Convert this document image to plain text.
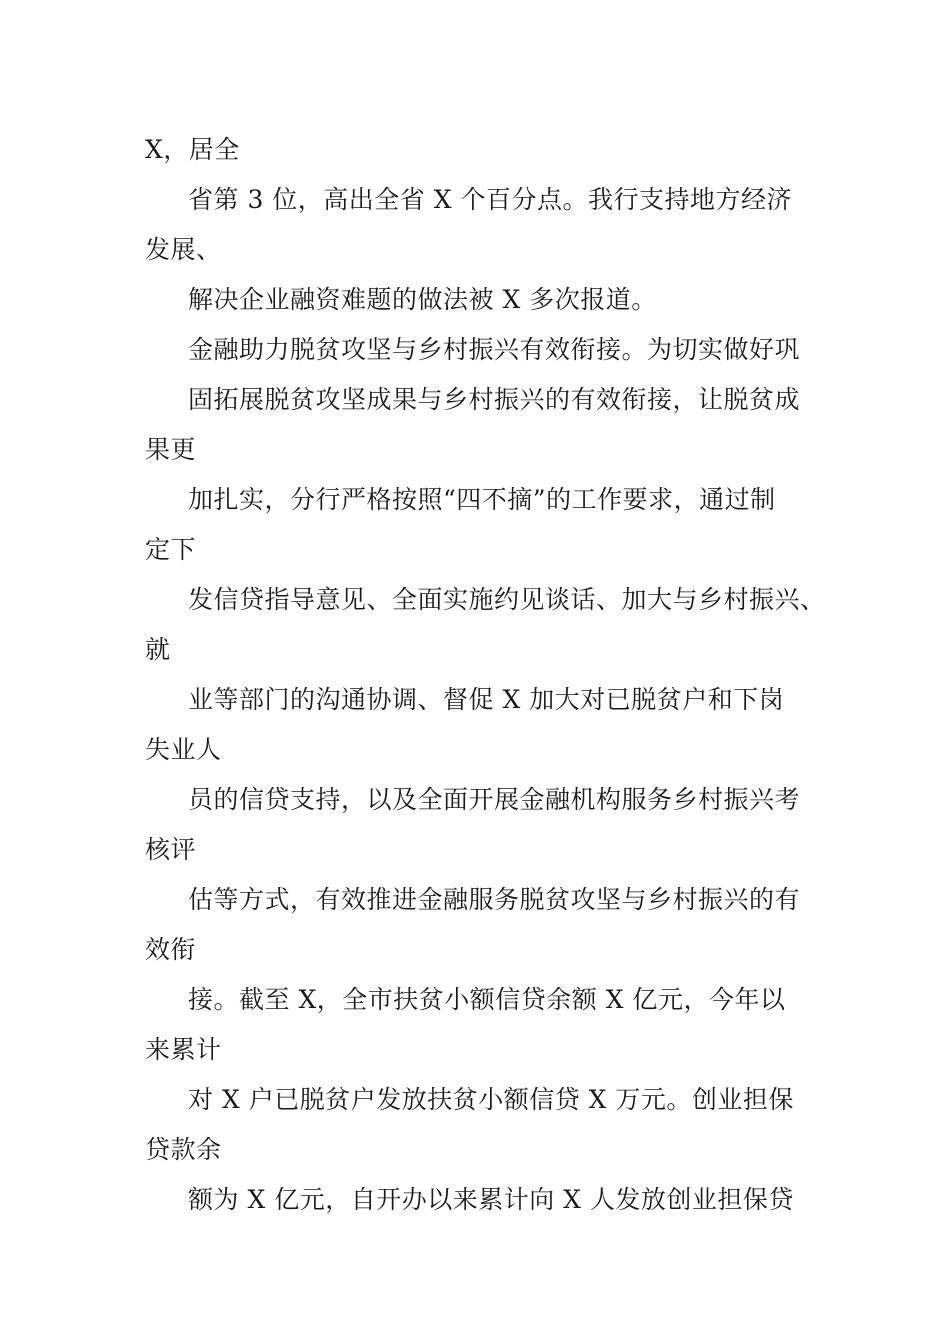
X，居全
省第 3 位，高出全省 X 个百分点。我行支持地方经济
发展、
解决企业融资难题的做法被 X 多次报道。
金融助力脱贫攻坚与乡村振兴有效衔接。为切实做好巩
固拓展脱贫攻坚成果与乡村振兴的有效衔接，让脱贫成
果更
加扎实，分行严格按照“四不摘”的工作要求，通过制
定下
发信贷指导意见、全面实施约见谈话、加大与乡村振兴、
就
业等部门的沟通协调、督促 X 加大对已脱贫户和下岗
失业人
员的信贷支持，以及全面开展金融机构服务乡村振兴考
核评
估等方式，有效推进金融服务脱贫攻坚与乡村振兴的有
效衔
接。截至 X，全市扶贫小额信贷余额 X 亿元，今年以
来累计
对 X 户已脱贫户发放扶贫小额信贷 X 万元。创业担保
贷款余
额为 X 亿元，自开办以来累计向 X 人发放创业担保贷
